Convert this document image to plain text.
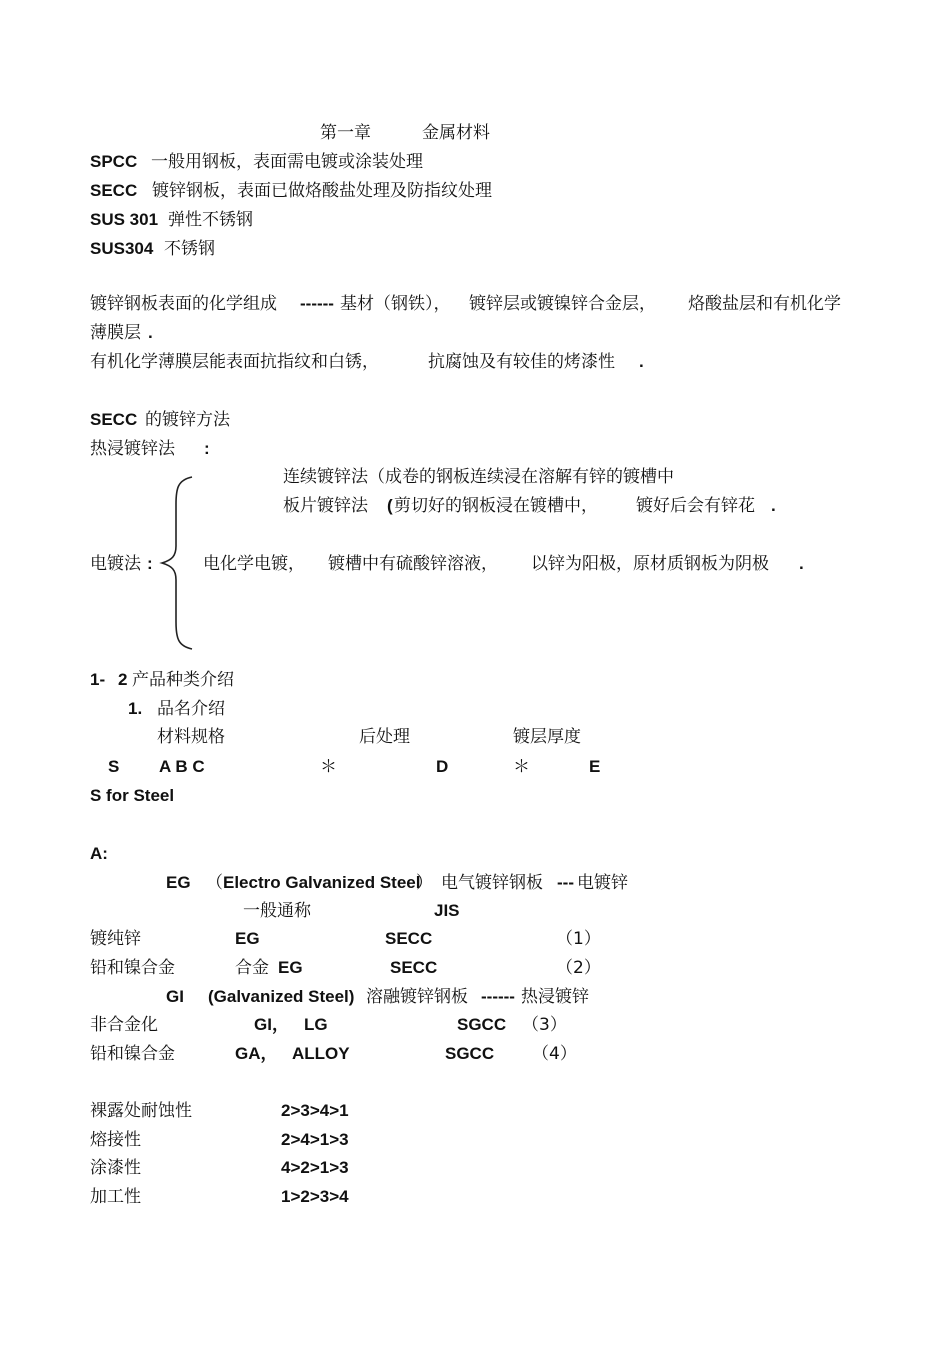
第一章	金属材料
SPCC 一般用钢板，表面需电镀或涂装处理
SECC 镀锌钢板，表面已做烙酸盐处理及防指纹处理
SUS 301 弹性不锈钢
SUS304 不锈钢
镀锌钢板表面的化学组成 ------ 基材（钢铁）， 镀锌层或镀镍锌合金层， 烙酸盐层和有机化学
薄膜层 .
有机化学薄膜层能表面抗指纹和白锈，	抗腐蚀及有较佳的烤漆性 .
SECC 的镀锌方法
热浸镀锌法 :
连续镀锌法（成卷的钢板连续浸在溶解有锌的镀槽中
板片镀锌法 ( 剪切好的钢板浸在镀槽中， 镀好后会有锌花 .
电镀法 :	电化学电镀， 镀槽中有硫酸锌溶液， 以锌为阳极，原材质钢板为阴极 .
1- 2 产品种类介绍
1. 品名介绍
材料规格	后处理	镀层厚度
S A B C	＊	D	＊	E
S for Steel
A:
EG （ Electro Galvanized Steel
） 电气镀锌钢板 --- 电镀锌
一般通称	JIS
镀纯锌	EG	SECC	（1）
铅和镍合金	合金 EG	SECC	（2）
GI (Galvanized Steel) 溶融镀锌钢板 ------ 热浸镀锌
非合金化	GI， LG	SGCC （3）
铅和镍合金	GA， ALLOY	SGCC （4）
裸露处耐蚀性	2>3>4>1
熔接性	2>4>1>3
涂漆性	4>2>1>3
加工性	1>2>3>4
